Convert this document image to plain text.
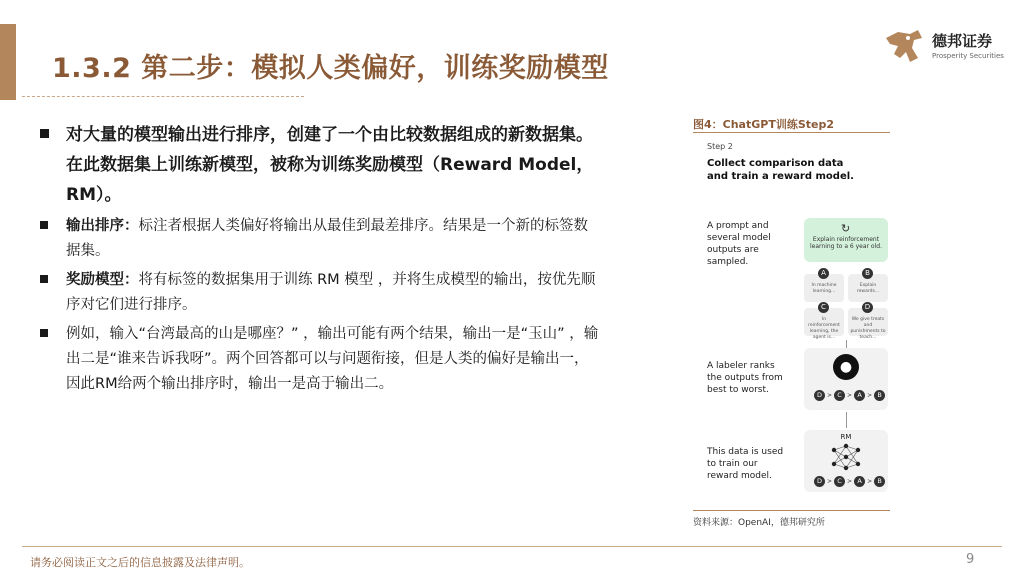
1.3.2 第二步：模拟人类偏好，训练奖励模型
德邦证券
Prosperity Securities
对大量的模型输出进行排序，创建了一个由比较数据组成的新数据集。在此数据集上训练新模型，被称为训练奖励模型（Reward Model，RM）。
输出排序：标注者根据人类偏好将输出从最佳到最差排序。结果是一个新的标签数据集。
奖励模型：将有标签的数据集用于训练 RM 模型 ，并将生成模型的输出，按优先顺序对它们进行排序。
例如，输入“台湾最高的山是哪座？” ，输出可能有两个结果，输出一是“玉山” ，输出二是“谁来告诉我呀”。两个回答都可以与问题衔接，但是人类的偏好是输出一，因此RM给两个输出排序时，输出一是高于输出二。
图4：ChatGPT训练Step2
Step 2
Collect comparison data and train a reward model.
A prompt and several model outputs are sampled.
↻
Explain reinforcement learning to a 6 year old.
A
In machine learning...
B
Explain rewards...
C
In reinforcement learning, the agent is...
D
We give treats and punishments to teach...
A labeler ranks the outputs from best to worst.
●
D > C > A > B
This data is used to train our reward model.
RM
D > C > A > B
资料来源：OpenAI，德邦研究所
请务必阅读正文之后的信息披露及法律声明。	9
